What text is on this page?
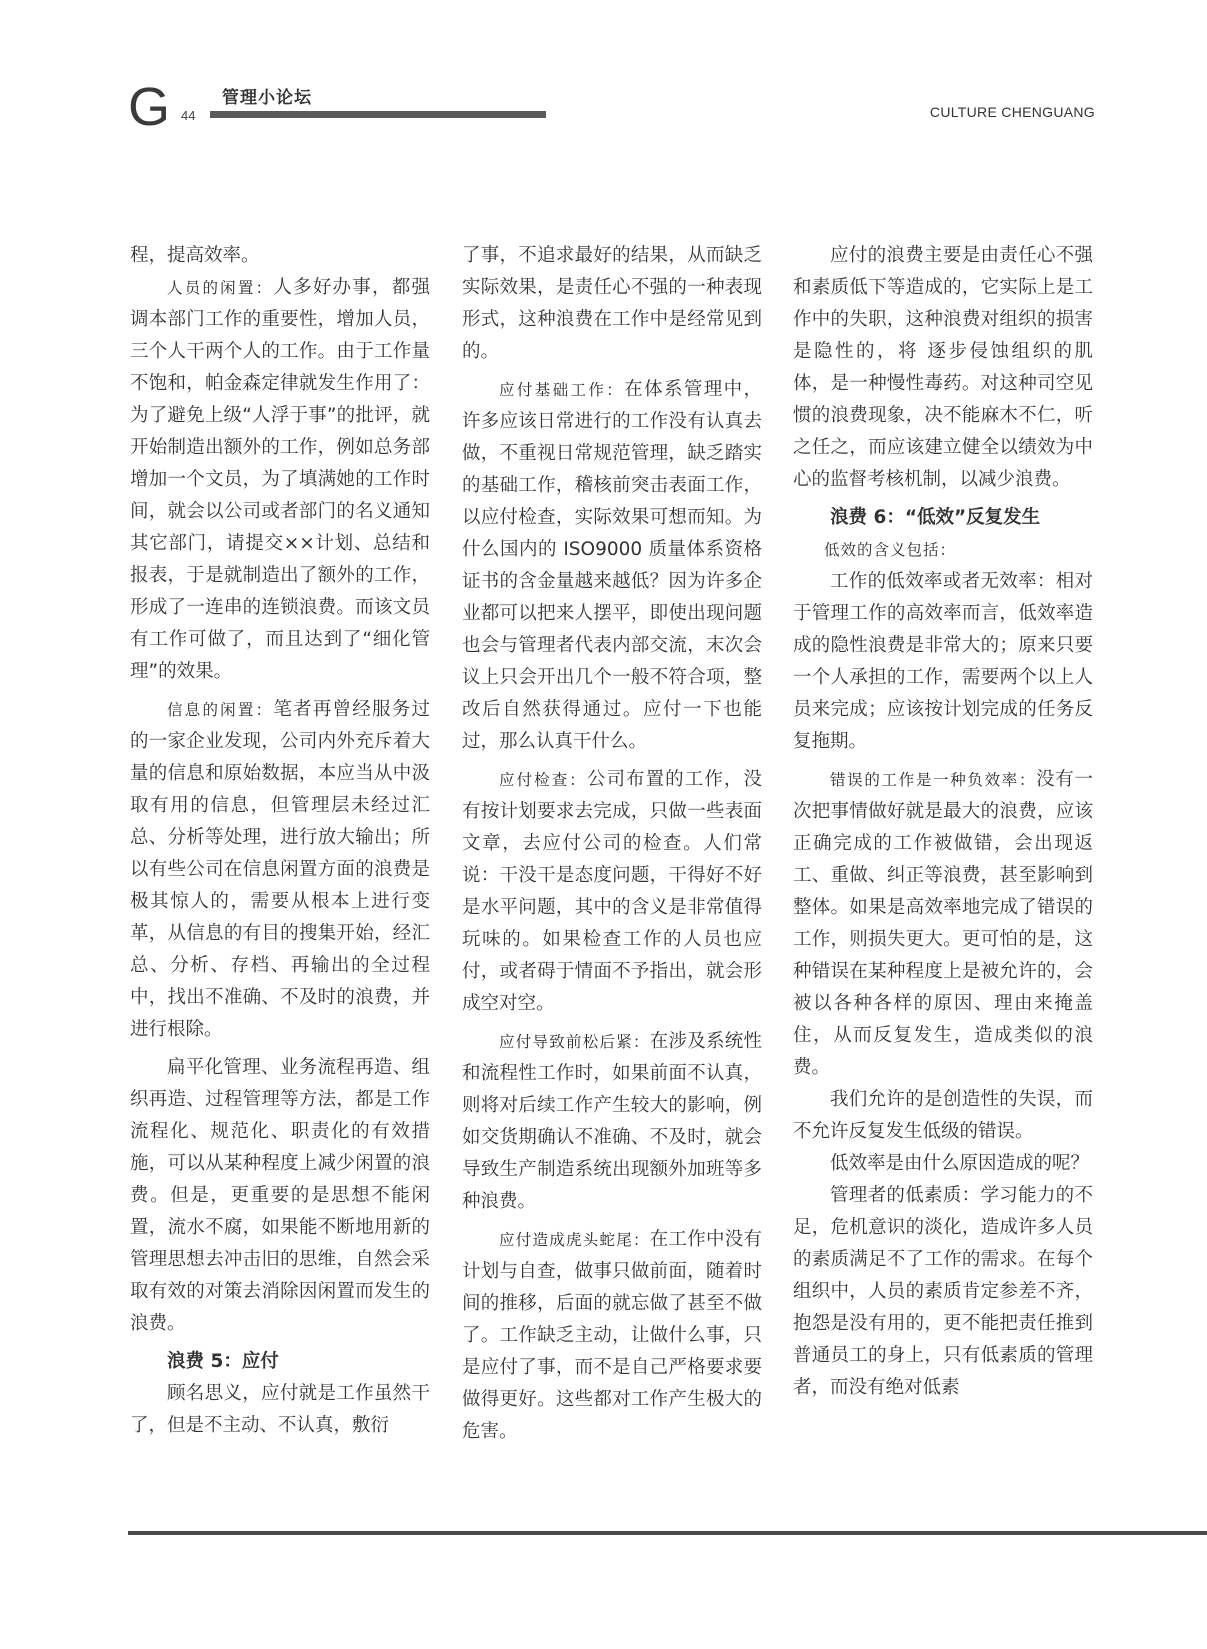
G 44
管理小论坛
CULTURE CHENGUANG

程，提高效率。

人员的闲置：人多好办事，都强调本部门工作的重要性，增加人员，三个人干两个人的工作。由于工作量不饱和，帕金森定律就发生作用了：为了避免上级“人浮于事”的批评，就开始制造出额外的工作，例如总务部增加一个文员，为了填满她的工作时间，就会以公司或者部门的名义通知其它部门，请提交××计划、总结和报表，于是就制造出了额外的工作，形成了一连串的连锁浪费。而该文员有工作可做了，而且达到了“细化管理”的效果。

信息的闲置：笔者再曾经服务过的一家企业发现，公司内外充斥着大量的信息和原始数据，本应当从中汲取有用的信息，但管理层未经过汇总、分析等处理，进行放大输出；所以有些公司在信息闲置方面的浪费是极其惊人的，需要从根本上进行变革，从信息的有目的搜集开始，经汇总、分析、存档、再输出的全过程中，找出不准确、不及时的浪费，并进行根除。

扁平化管理、业务流程再造、组织再造、过程管理等方法，都是工作流程化、规范化、职责化的有效措施，可以从某种程度上减少闲置的浪费。但是，更重要的是思想不能闲置，流水不腐，如果能不断地用新的管理思想去冲击旧的思维，自然会采取有效的对策去消除因闲置而发生的浪费。

浪费 5：应付

顾名思义，应付就是工作虽然干了，但是不主动、不认真，敷衍

了事，不追求最好的结果，从而缺乏实际效果，是责任心不强的一种表现形式，这种浪费在工作中是经常见到的。

应付基础工作：在体系管理中，许多应该日常进行的工作没有认真去做，不重视日常规范管理，缺乏踏实的基础工作，稽核前突击表面工作，以应付检查，实际效果可想而知。为什么国内的 ISO9000 质量体系资格证书的含金量越来越低？因为许多企业都可以把来人摆平，即使出现问题也会与管理者代表内部交流，末次会议上只会开出几个一般不符合项，整改后自然获得通过。应付一下也能过，那么认真干什么。

应付检查：公司布置的工作，没有按计划要求去完成，只做一些表面文章，去应付公司的检查。人们常说：干没干是态度问题，干得好不好是水平问题，其中的含义是非常值得玩味的。如果检查工作的人员也应付，或者碍于情面不予指出，就会形成空对空。

应付导致前松后紧：在涉及系统性和流程性工作时，如果前面不认真，则将对后续工作产生较大的影响，例如交货期确认不准确、不及时，就会导致生产制造系统出现额外加班等多种浪费。

应付造成虎头蛇尾：在工作中没有计划与自查，做事只做前面，随着时间的推移，后面的就忘做了甚至不做了。工作缺乏主动，让做什么事，只是应付了事，而不是自己严格要求要做得更好。这些都对工作产生极大的危害。

应付的浪费主要是由责任心不强和素质低下等造成的，它实际上是工作中的失职，这种浪费对组织的损害是隐性的，将 逐步侵蚀组织的肌体，是一种慢性毒药。对这种司空见惯的浪费现象，决不能麻木不仁，听之任之，而应该建立健全以绩效为中心的监督考核机制，以减少浪费。

浪费 6：“低效”反复发生

低效的含义包括：

工作的低效率或者无效率：相对于管理工作的高效率而言，低效率造成的隐性浪费是非常大的；原来只要一个人承担的工作，需要两个以上人员来完成；应该按计划完成的任务反复拖期。

错误的工作是一种负效率：没有一次把事情做好就是最大的浪费，应该正确完成的工作被做错，会出现返工、重做、纠正等浪费，甚至影响到整体。如果是高效率地完成了错误的工作，则损失更大。更可怕的是，这种错误在某种程度上是被允许的，会被以各种各样的原因、理由来掩盖住，从而反复发生，造成类似的浪费。

我们允许的是创造性的失误，而不允许反复发生低级的错误。

低效率是由什么原因造成的呢？

管理者的低素质：学习能力的不足，危机意识的淡化，造成许多人员的素质满足不了工作的需求。在每个组织中，人员的素质肯定参差不齐，抱怨是没有用的，更不能把责任推到普通员工的身上，只有低素质的管理者，而没有绝对低素
